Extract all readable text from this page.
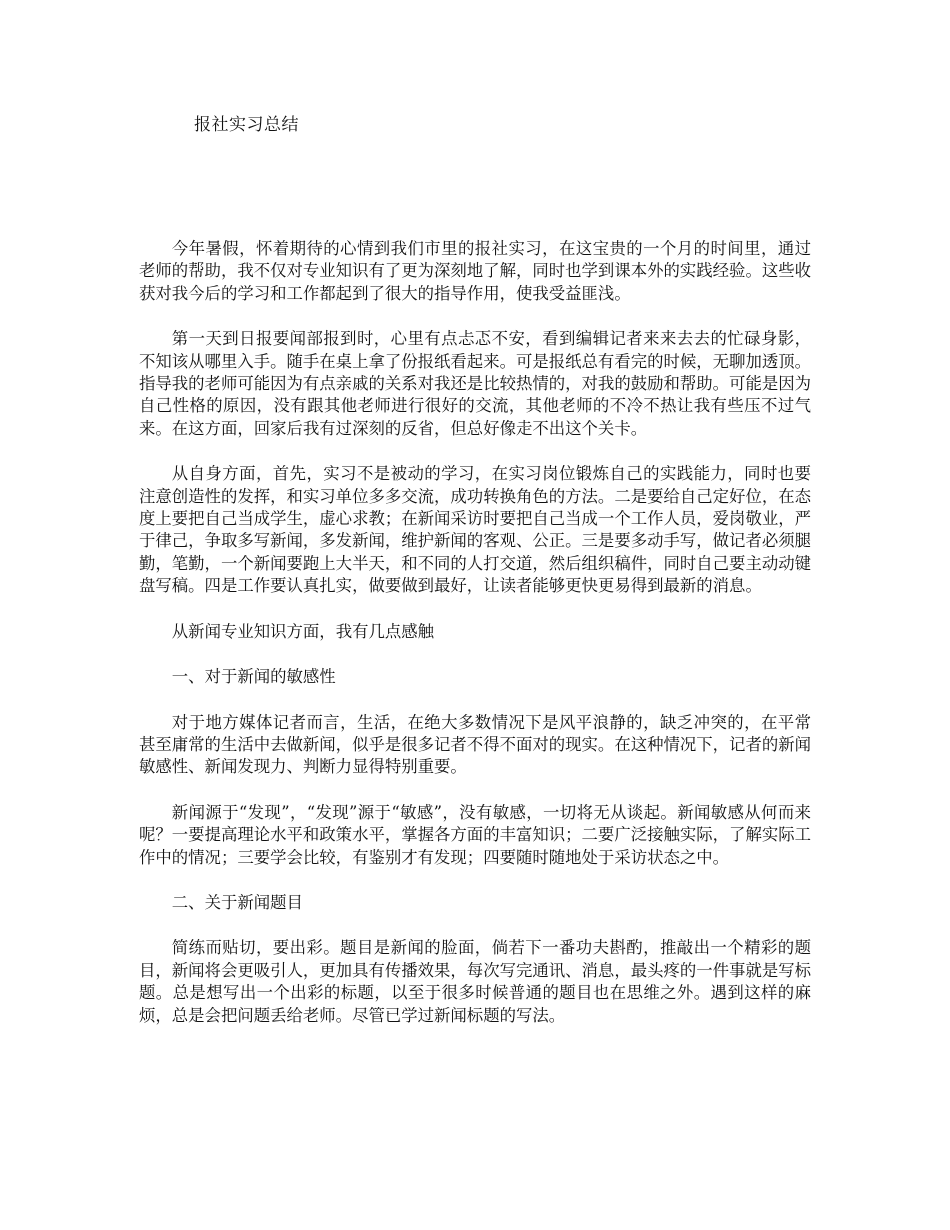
报社实习总结

今年暑假，怀着期待的心情到我们市里的报社实习，在这宝贵的一个月的时间里，通过老师的帮助，我不仅对专业知识有了更为深刻地了解，同时也学到课本外的实践经验。这些收获对我今后的学习和工作都起到了很大的指导作用，使我受益匪浅。

第一天到日报要闻部报到时，心里有点忐忑不安，看到编辑记者来来去去的忙碌身影，不知该从哪里入手。随手在桌上拿了份报纸看起来。可是报纸总有看完的时候，无聊加透顶。指导我的老师可能因为有点亲戚的关系对我还是比较热情的，对我的鼓励和帮助。可能是因为自己性格的原因，没有跟其他老师进行很好的交流，其他老师的不冷不热让我有些压不过气来。在这方面，回家后我有过深刻的反省，但总好像走不出这个关卡。

从自身方面，首先，实习不是被动的学习，在实习岗位锻炼自己的实践能力，同时也要注意创造性的发挥，和实习单位多多交流，成功转换角色的方法。二是要给自己定好位，在态度上要把自己当成学生，虚心求教；在新闻采访时要把自己当成一个工作人员，爱岗敬业，严于律己，争取多写新闻，多发新闻，维护新闻的客观、公正。三是要多动手写，做记者必须腿勤，笔勤，一个新闻要跑上大半天，和不同的人打交道，然后组织稿件，同时自己要主动动键盘写稿。四是工作要认真扎实，做要做到最好，让读者能够更快更易得到最新的消息。

从新闻专业知识方面，我有几点感触

一、对于新闻的敏感性

对于地方媒体记者而言，生活，在绝大多数情况下是风平浪静的，缺乏冲突的，在平常甚至庸常的生活中去做新闻，似乎是很多记者不得不面对的现实。在这种情况下，记者的新闻敏感性、新闻发现力、判断力显得特别重要。

新闻源于“发现”，“发现”源于“敏感”，没有敏感，一切将无从谈起。新闻敏感从何而来呢？一要提高理论水平和政策水平，掌握各方面的丰富知识；二要广泛接触实际，了解实际工作中的情况；三要学会比较，有鉴别才有发现；四要随时随地处于采访状态之中。

二、关于新闻题目

简练而贴切，要出彩。题目是新闻的脸面，倘若下一番功夫斟酌，推敲出一个精彩的题目，新闻将会更吸引人，更加具有传播效果，每次写完通讯、消息，最头疼的一件事就是写标题。总是想写出一个出彩的标题，以至于很多时候普通的题目也在思维之外。遇到这样的麻烦，总是会把问题丢给老师。尽管已学过新闻标题的写法。
